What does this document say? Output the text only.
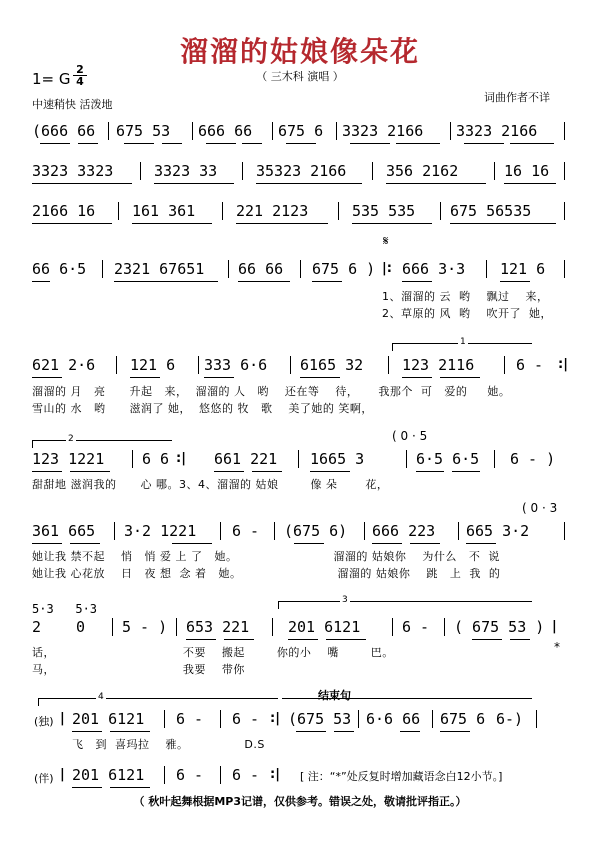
溜溜的姑娘像朵花
（ 三木科 演唱 ）
1= G
2
4
中速稍快 活泼地
词曲作者不详
(666 66 675 53 666 66 675 6 3323 2166 3323 2166
3323 3323	3323 33	35323 2166	356 2162	16 16
2166 16 161 361	221 2123	535 535 675 56535
66 6·5 2321 67651 66 66 675 6 ) |: 666 3·3 121 6
𝄋
1、溜溜的 云  哟    飘过    来，
2、草原的 风  哟    吹开了  她，
1
621 2·6 121 6 333 6·6 6165 32	123 2116	6 - :|
溜溜的 月   亮      升起   来，  溜溜的 人   哟    还在等    待，     我那个  可   爱的     她。
雪山的 水   哟      滋润了 她，  悠悠的 牧   歌    美了她的 笑啊，
2	( 0 · 5
123 1221	6 6 :| 661 221 1665 3	6·5 6·5 6 - )
甜甜地 滋润我的      心 哪。3、4、溜溜的 姑娘        像 朵       花，
( 0 · 3
361 665 3·2 1221 6 - (675 6) 666 223 665 3·2
她让我 禁不起    悄   悄 爱 上 了   她。                        溜溜的 姑娘你    为什么   不  说
她让我 心花放    日   夜 想  念 着   她。                        溜溜的 姑娘你    跳   上  我  的
5·3   5·3
3
2 0 5 - ) 653 221	201 6121	6 - ( 675 53 ) |
*
话，                                不要    搬起        你的小    嘴        巴。
马，                                我要    带你
4	结束句
(独) | 201 6121 6 - 6 - :| (675 53 6·6 66 675 6 6-)
飞   到  喜玛拉    雅。              D.S
(伴) | 201 6121 6 - 6 - :| [ 注：“*”处反复时增加藏语念白12小节。]
（ 秋叶起舞根据MP3记谱，仅供参考。错误之处，敬请批评指正。）
